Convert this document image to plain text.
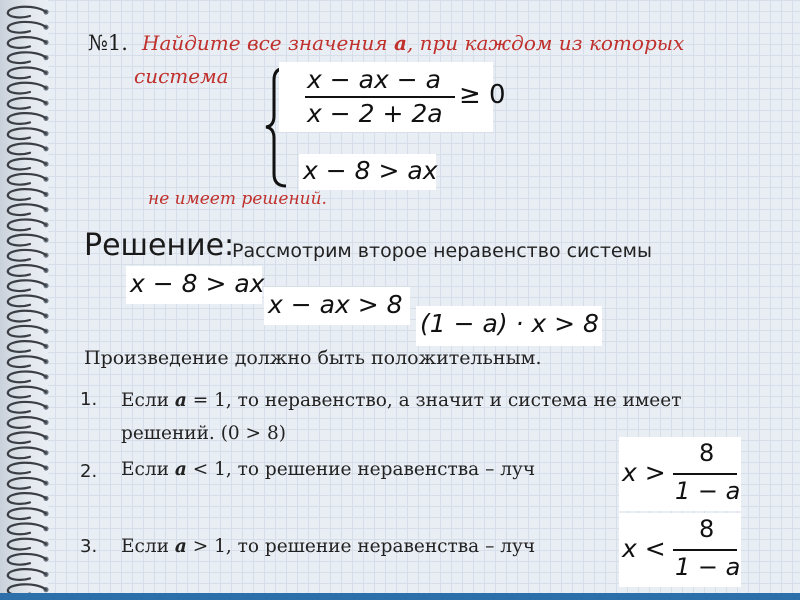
№1. Найдите все значения а, при каждом из которых
система	x − ax − a
x − 2 + 2a
≥ 0
x − 8 > ax
не имеет решений.
Решение:
Рассмотрим второе неравенство системы
x − 8 > ax
x − ax > 8
(1 − a) · x > 8
Произведение должно быть положительным.
1. Если а = 1, то неравенство, а значит и система не имеет
решений. (0 > 8)
2. Если а < 1, то решение неравенства – луч	x >
8
1 − a
3. Если а > 1, то решение неравенства – луч	x <
8
1 − a
